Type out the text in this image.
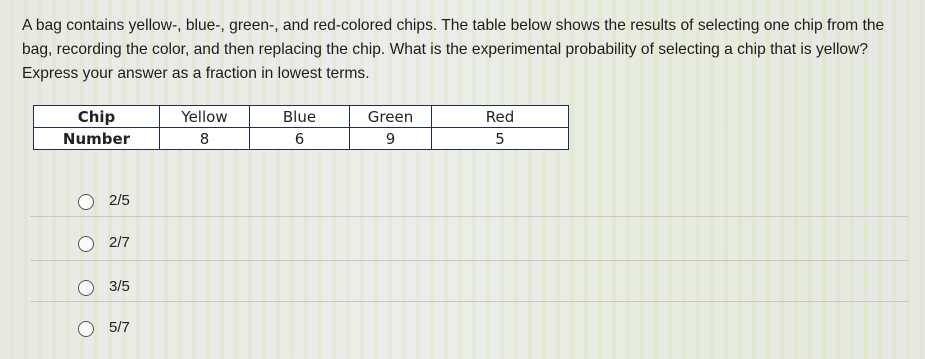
A bag contains yellow-, blue-, green-, and red-colored chips. The table below shows the results of selecting one chip from the bag, recording the color, and then replacing the chip. What is the experimental probability of selecting a chip that is yellow? Express your answer as a fraction in lowest terms.
Chip	Yellow	Blue	Green	Red
Number	8	6	9	5
2/5
2/7
3/5
5/7
